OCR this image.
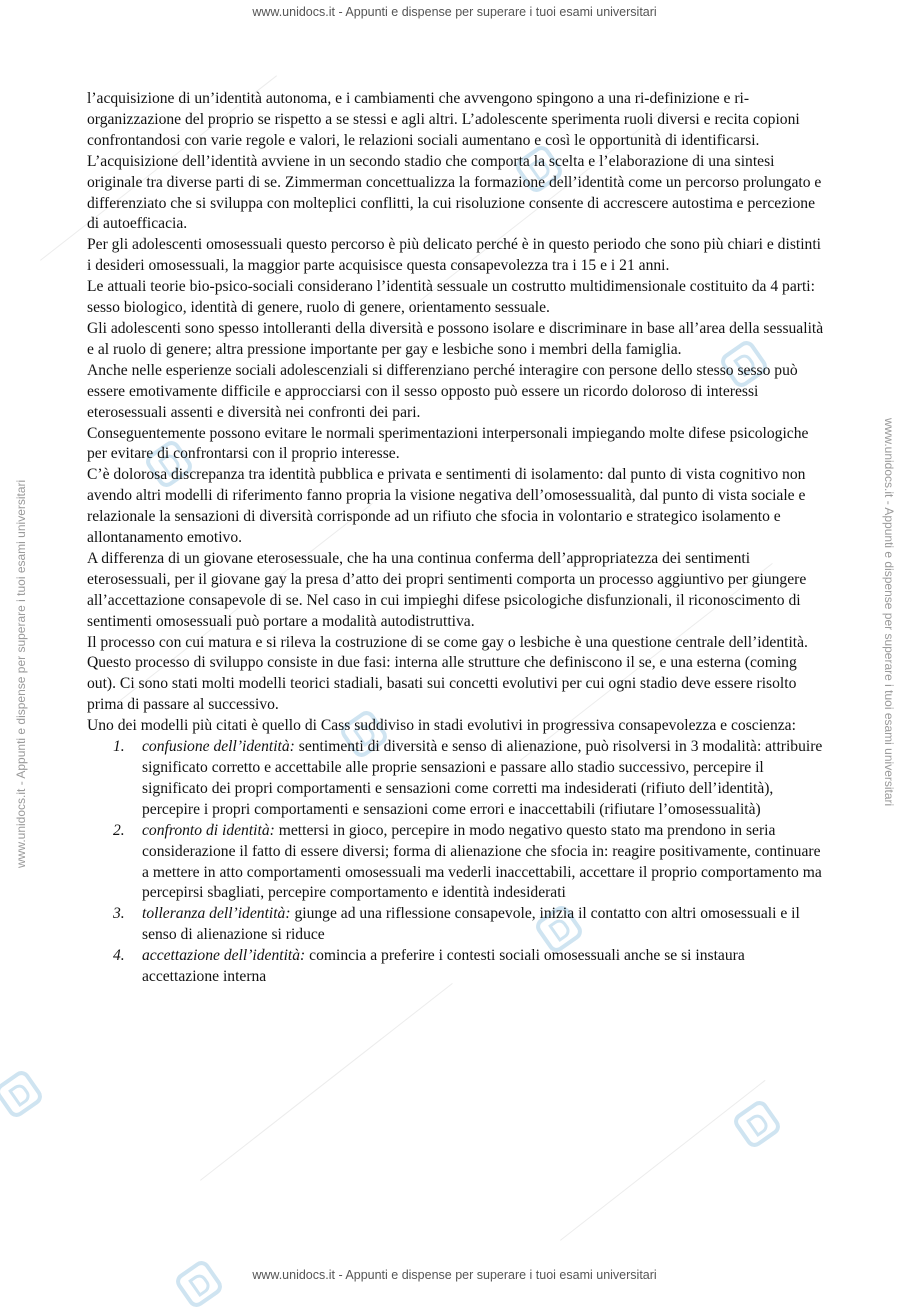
www.unidocs.it - Appunti e dispense per superare i tuoi esami universitari
www.unidocs.it - Appunti e dispense per superare i tuoi esami universitari
www.unidocs.it - Appunti e dispense per superare i tuoi esami universitari	www.unidocs.it - Appunti e dispense per superare i tuoi esami universitari

l’acquisizione di un’identità autonoma, e i cambiamenti che avvengono spingono a una ri-definizione e ri-organizzazione del proprio se rispetto a se stessi e agli altri. L’adolescente sperimenta ruoli diversi e recita copioni confrontandosi con varie regole e valori, le relazioni sociali aumentano e così le opportunità di identificarsi. L’acquisizione dell’identità avviene in un secondo stadio che comporta la scelta e l’elaborazione di una sintesi originale tra diverse parti di se. Zimmerman concettualizza la formazione dell’identità come un percorso prolungato e differenziato che si sviluppa con molteplici conflitti, la cui risoluzione consente di accrescere autostima e percezione di autoefficacia.

Per gli adolescenti omosessuali questo percorso è più delicato perché è in questo periodo che sono più chiari e distinti i desideri omosessuali, la maggior parte acquisisce questa consapevolezza tra i 15 e i 21 anni.

Le attuali teorie bio-psico-sociali considerano l’identità sessuale un costrutto multidimensionale costituito da 4 parti: sesso biologico, identità di genere, ruolo di genere, orientamento sessuale.

Gli adolescenti sono spesso intolleranti della diversità e possono isolare e discriminare in base all’area della sessualità e al ruolo di genere; altra pressione importante per gay e lesbiche sono i membri della famiglia.

Anche nelle esperienze sociali adolescenziali si differenziano perché interagire con persone dello stesso sesso può essere emotivamente difficile e approcciarsi con il sesso opposto può essere un ricordo doloroso di interessi eterosessuali assenti e diversità nei confronti dei pari.

Conseguentemente possono evitare le normali sperimentazioni interpersonali impiegando molte difese psicologiche per evitare di confrontarsi con il proprio interesse.

C’è dolorosa discrepanza tra identità pubblica e privata e sentimenti di isolamento: dal punto di vista cognitivo non avendo altri modelli di riferimento fanno propria la visione negativa dell’omosessualità, dal punto di vista sociale e relazionale la sensazioni di diversità corrisponde ad un rifiuto che sfocia in volontario e strategico isolamento e allontanamento emotivo.

A differenza di un giovane eterosessuale, che ha una continua conferma dell’appropriatezza dei sentimenti eterosessuali, per il giovane gay la presa d’atto dei propri sentimenti comporta un processo aggiuntivo per giungere all’accettazione consapevole di se. Nel caso in cui impieghi difese psicologiche disfunzionali, il riconoscimento di sentimenti omosessuali può portare a modalità autodistruttiva.

Il processo con cui matura e si rileva la costruzione di se come gay o lesbiche è una questione centrale dell’identità. Questo processo di sviluppo consiste in due fasi: interna alle strutture che definiscono il se, e una esterna (coming out). Ci sono stati molti modelli teorici stadiali, basati sui concetti evolutivi per cui ogni stadio deve essere risolto prima di passare al successivo.

Uno dei modelli più citati è quello di Cass suddiviso in stadi evolutivi in progressiva consapevolezza e coscienza:

1. confusione dell’identità: sentimenti di diversità e senso di alienazione, può risolversi in 3 modalità: attribuire significato corretto e accettabile alle proprie sensazioni e passare allo stadio successivo, percepire il significato dei propri comportamenti e sensazioni come corretti ma indesiderati (rifiuto dell’identità), percepire i propri comportamenti e sensazioni come errori e inaccettabili (rifiutare l’omosessualità)
2. confronto di identità: mettersi in gioco, percepire in modo negativo questo stato ma prendono in seria considerazione il fatto di essere diversi; forma di alienazione che sfocia in: reagire positivamente, continuare a mettere in atto comportamenti omosessuali ma vederli inaccettabili, accettare il proprio comportamento ma percepirsi sbagliati, percepire comportamento e identità indesiderati
3. tolleranza dell’identità: giunge ad una riflessione consapevole, inizia il contatto con altri omosessuali e il senso di alienazione si riduce
4. accettazione dell’identità: comincia a preferire i contesti sociali omosessuali anche se si instaura accettazione interna
